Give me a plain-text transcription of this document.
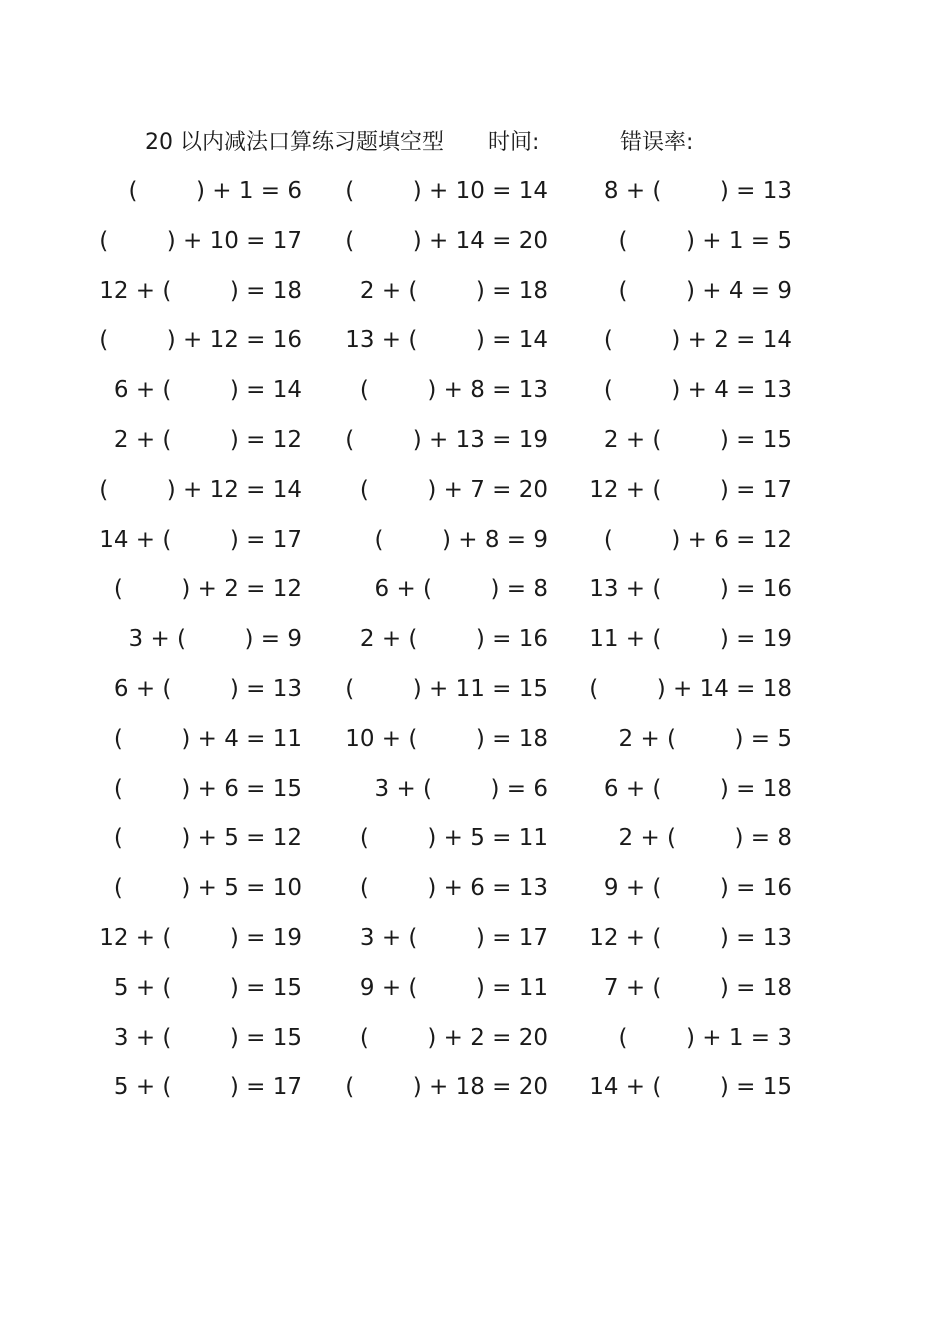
20 以内减法口算练习题填空型 时间:	错误率:
(        ) + 1 = 6 (        ) + 10 = 14 8 + (        ) = 13
(        ) + 10 = 17 (        ) + 14 = 20	(        ) + 1 = 5
12 + (        ) = 18	2 + (        ) = 18	(        ) + 4 = 9
(        ) + 12 = 16 13 + (        ) = 14 (        ) + 2 = 14
6 + (        ) = 14	(        ) + 8 = 13 (        ) + 4 = 13
2 + (        ) = 12 (        ) + 13 = 19 2 + (        ) = 15
(        ) + 12 = 14	(        ) + 7 = 20 12 + (        ) = 17
14 + (        ) = 17	(        ) + 8 = 9 (        ) + 6 = 12
(        ) + 2 = 12	6 + (        ) = 8 13 + (        ) = 16
3 + (        ) = 9	2 + (        ) = 16 11 + (        ) = 19
6 + (        ) = 13 (        ) + 11 = 15 (        ) + 14 = 18
(        ) + 4 = 11 10 + (        ) = 18	2 + (        ) = 5
(        ) + 6 = 15	3 + (        ) = 6 6 + (        ) = 18
(        ) + 5 = 12	(        ) + 5 = 11	2 + (        ) = 8
(        ) + 5 = 10	(        ) + 6 = 13 9 + (        ) = 16
12 + (        ) = 19	3 + (        ) = 17 12 + (        ) = 13
5 + (        ) = 15	9 + (        ) = 11 7 + (        ) = 18
3 + (        ) = 15	(        ) + 2 = 20	(        ) + 1 = 3
5 + (        ) = 17 (        ) + 18 = 20 14 + (        ) = 15
